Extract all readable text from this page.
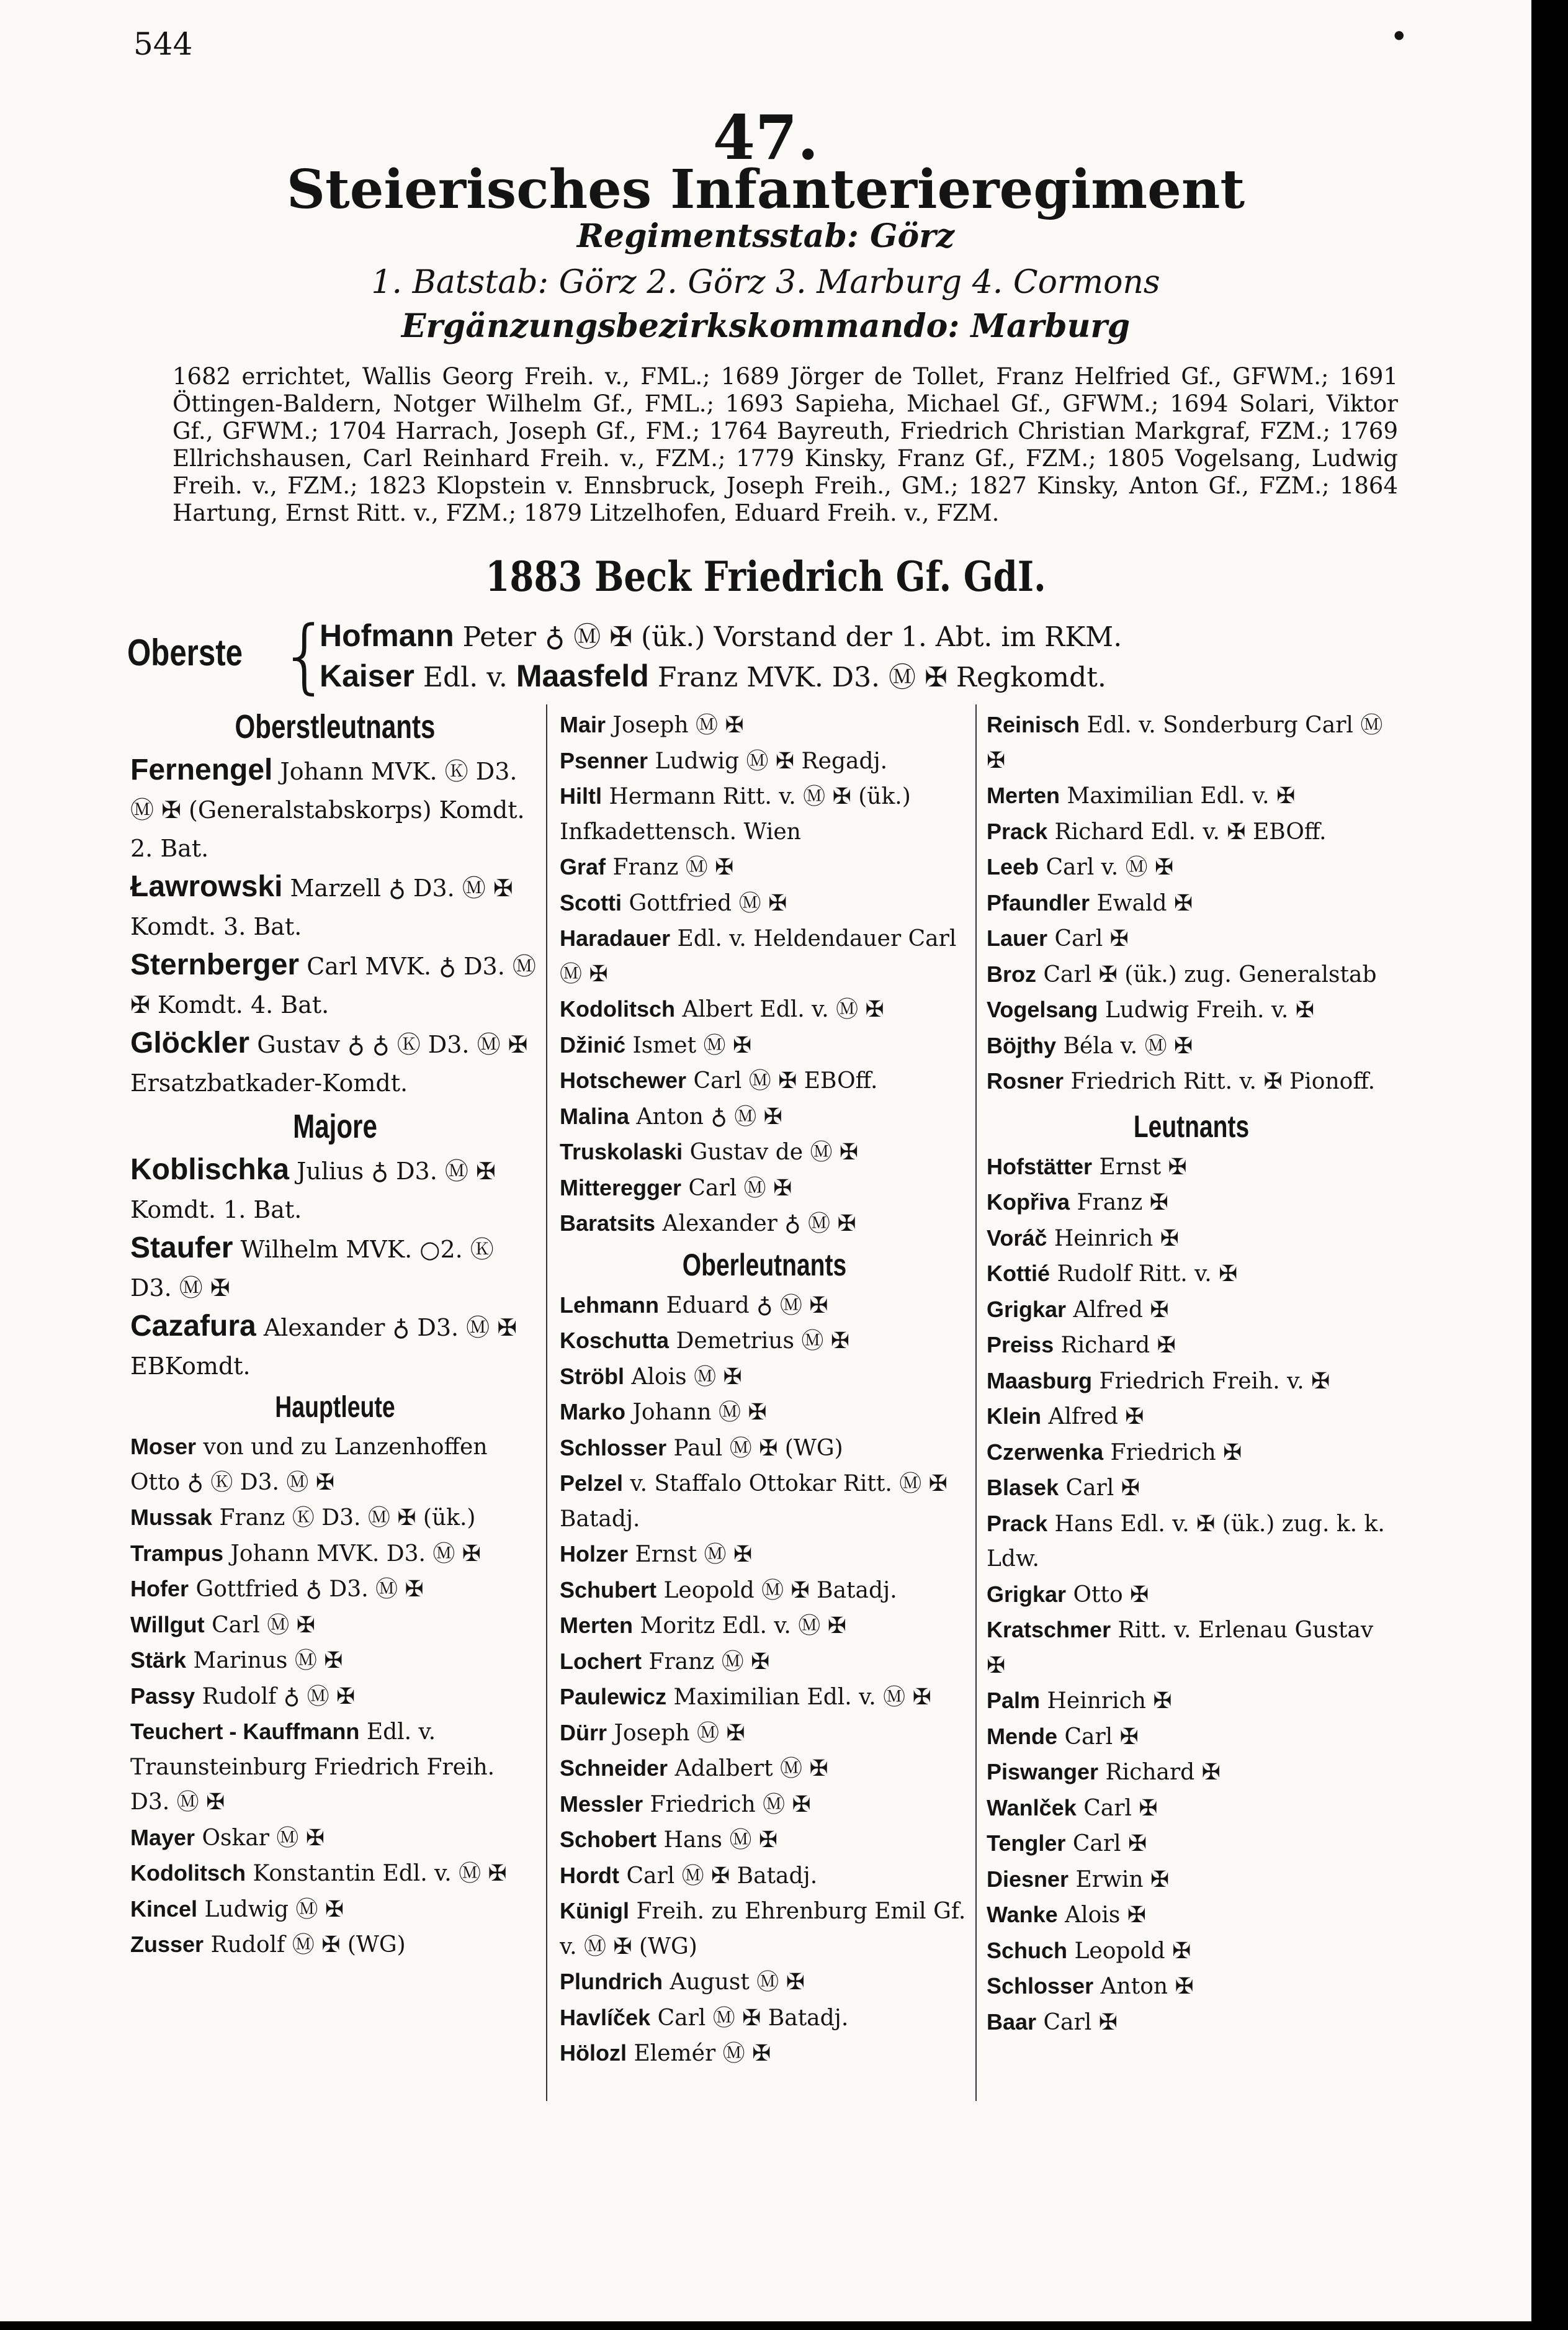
544	•
47.
Steierisches Infanterieregiment
Regimentsstab: Görz
1. Batstab: Görz 2. Görz 3. Marburg 4. Cormons
Ergänzungsbezirkskommando: Marburg
1682 errichtet, Wallis Georg Freih. v., FML.; 1689 Jörger de Tollet, Franz Helfried Gf., GFWM.; 1691 Öttingen-Baldern, Notger Wilhelm Gf., FML.; 1693 Sapieha, Michael Gf., GFWM.; 1694 Solari, Viktor Gf., GFWM.; 1704 Harrach, Joseph Gf., FM.; 1764 Bayreuth, Friedrich Christian Markgraf, FZM.; 1769 Ellrichshausen, Carl Reinhard Freih. v., FZM.; 1779 Kinsky, Franz Gf., FZM.; 1805 Vogelsang, Ludwig Freih. v., FZM.; 1823 Klopstein v. Ennsbruck, Joseph Freih., GM.; 1827 Kinsky, Anton Gf., FZM.; 1864 Hartung, Ernst Ritt. v., FZM.; 1879 Litzelhofen, Eduard Freih. v., FZM.
1883 Beck Friedrich Gf. GdI.
Oberste {
Hofmann Peter ♁ Ⓜ ✠ (ük.) Vorstand der 1. Abt. im RKM.
Kaiser Edl. v. Maasfeld Franz MVK. D3. Ⓜ ✠ Regkomdt.
Oberstleutnants
Fernengel Johann MVK. Ⓚ D3. Ⓜ ✠ (Generalstabskorps) Komdt. 2. Bat.
Ławrowski Marzell ♁ D3. Ⓜ ✠ Komdt. 3. Bat.
Sternberger Carl MVK. ♁ D3. Ⓜ ✠ Komdt. 4. Bat.
Glöckler Gustav ♁ ♁ Ⓚ D3. Ⓜ ✠ Ersatzbatkader-Komdt.
Majore
Koblischka Julius ♁ D3. Ⓜ ✠ Komdt. 1. Bat.
Staufer Wilhelm MVK. ○2. Ⓚ D3. Ⓜ ✠
Cazafura Alexander ♁ D3. Ⓜ ✠ EBKomdt.
Hauptleute
Moser von und zu Lanzenhoffen Otto ♁ Ⓚ D3. Ⓜ ✠
Mussak Franz Ⓚ D3. Ⓜ ✠ (ük.)
Trampus Johann MVK. D3. Ⓜ ✠
Hofer Gottfried ♁ D3. Ⓜ ✠
Willgut Carl Ⓜ ✠
Stärk Marinus Ⓜ ✠
Passy Rudolf ♁ Ⓜ ✠
Teuchert - Kauffmann Edl. v. Traunsteinburg Friedrich Freih. D3. Ⓜ ✠
Mayer Oskar Ⓜ ✠
Kodolitsch Konstantin Edl. v. Ⓜ ✠
Kincel Ludwig Ⓜ ✠
Zusser Rudolf Ⓜ ✠ (WG)
Mair Joseph Ⓜ ✠
Psenner Ludwig Ⓜ ✠ Regadj.
Hiltl Hermann Ritt. v. Ⓜ ✠ (ük.) Infkadettensch. Wien
Graf Franz Ⓜ ✠
Scotti Gottfried Ⓜ ✠
Haradauer Edl. v. Heldendauer Carl Ⓜ ✠
Kodolitsch Albert Edl. v. Ⓜ ✠
Džinić Ismet Ⓜ ✠
Hotschewer Carl Ⓜ ✠ EBOff.
Malina Anton ♁ Ⓜ ✠
Truskolaski Gustav de Ⓜ ✠
Mitteregger Carl Ⓜ ✠
Baratsits Alexander ♁ Ⓜ ✠
Oberleutnants
Lehmann Eduard ♁ Ⓜ ✠
Koschutta Demetrius Ⓜ ✠
Ströbl Alois Ⓜ ✠
Marko Johann Ⓜ ✠
Schlosser Paul Ⓜ ✠ (WG)
Pelzel v. Staffalo Ottokar Ritt. Ⓜ ✠ Batadj.
Holzer Ernst Ⓜ ✠
Schubert Leopold Ⓜ ✠ Batadj.
Merten Moritz Edl. v. Ⓜ ✠
Lochert Franz Ⓜ ✠
Paulewicz Maximilian Edl. v. Ⓜ ✠
Dürr Joseph Ⓜ ✠
Schneider Adalbert Ⓜ ✠
Messler Friedrich Ⓜ ✠
Schobert Hans Ⓜ ✠
Hordt Carl Ⓜ ✠ Batadj.
Künigl Freih. zu Ehrenburg Emil Gf. v. Ⓜ ✠ (WG)
Plundrich August Ⓜ ✠
Havlíček Carl Ⓜ ✠ Batadj.
Hölozl Elemér Ⓜ ✠
Reinisch Edl. v. Sonderburg Carl Ⓜ ✠
Merten Maximilian Edl. v. ✠
Prack Richard Edl. v. ✠ EBOff.
Leeb Carl v. Ⓜ ✠
Pfaundler Ewald ✠
Lauer Carl ✠
Broz Carl ✠ (ük.) zug. Generalstab
Vogelsang Ludwig Freih. v. ✠
Böjthy Béla v. Ⓜ ✠
Rosner Friedrich Ritt. v. ✠ Pionoff.
Leutnants
Hofstätter Ernst ✠
Kopřiva Franz ✠
Voráč Heinrich ✠
Kottié Rudolf Ritt. v. ✠
Grigkar Alfred ✠
Preiss Richard ✠
Maasburg Friedrich Freih. v. ✠
Klein Alfred ✠
Czerwenka Friedrich ✠
Blasek Carl ✠
Prack Hans Edl. v. ✠ (ük.) zug. k. k. Ldw.
Grigkar Otto ✠
Kratschmer Ritt. v. Erlenau Gustav ✠
Palm Heinrich ✠
Mende Carl ✠
Piswanger Richard ✠
Wanlček Carl ✠
Tengler Carl ✠
Diesner Erwin ✠
Wanke Alois ✠
Schuch Leopold ✠
Schlosser Anton ✠
Baar Carl ✠
